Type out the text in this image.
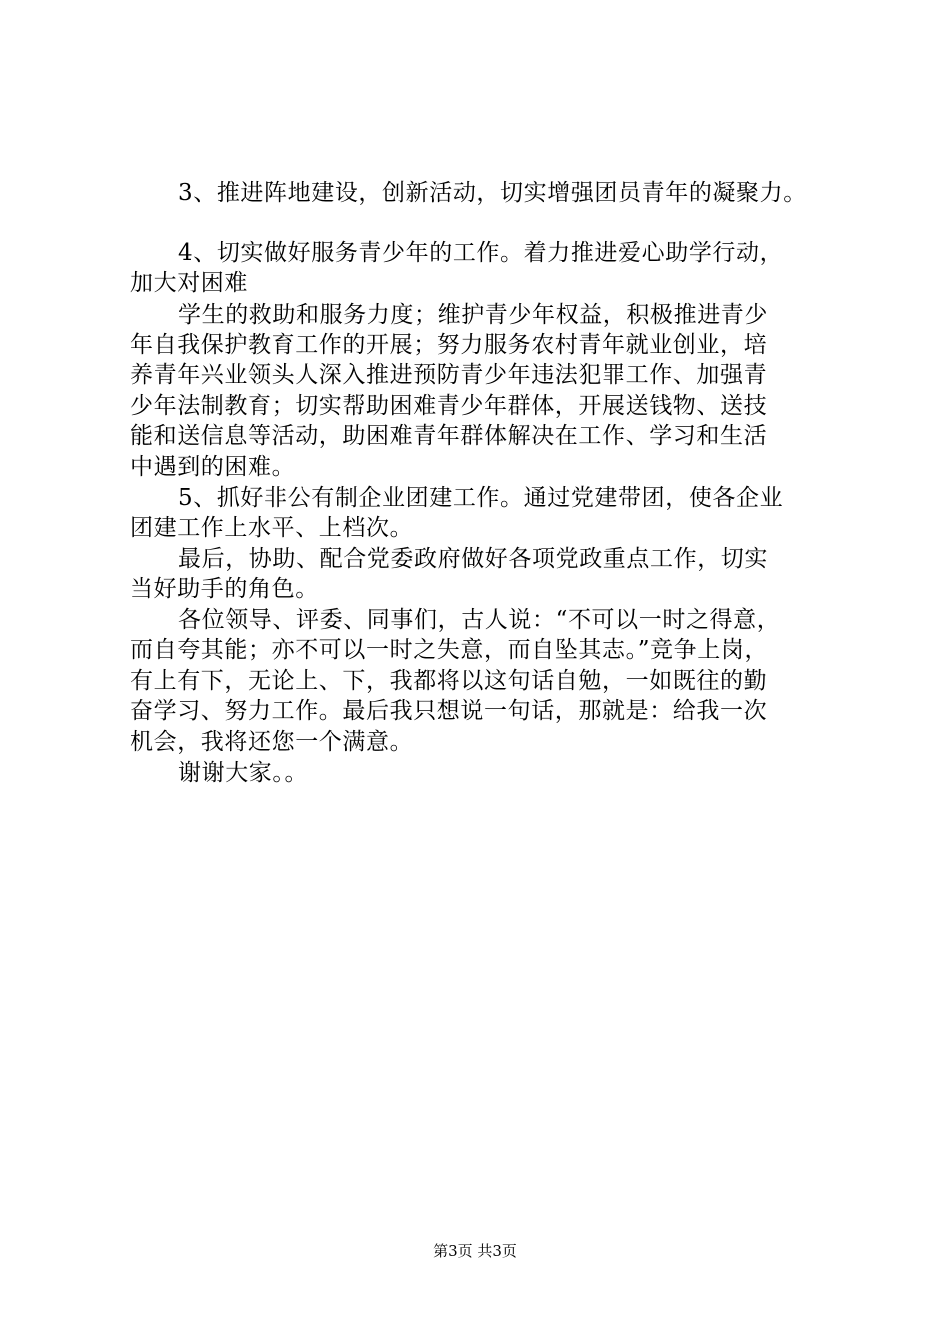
3、推进阵地建设，创新活动，切实增强团员青年的凝聚力。
4、切实做好服务青少年的工作。着力推进爱心助学行动，
加大对困难
学生的救助和服务力度；维护青少年权益，积极推进青少
年自我保护教育工作的开展；努力服务农村青年就业创业，培
养青年兴业领头人深入推进预防青少年违法犯罪工作、加强青
少年法制教育；切实帮助困难青少年群体，开展送钱物、送技
能和送信息等活动，助困难青年群体解决在工作、学习和生活
中遇到的困难。
5、抓好非公有制企业团建工作。通过党建带团，使各企业
团建工作上水平、上档次。
最后，协助、配合党委政府做好各项党政重点工作，切实
当好助手的角色。
各位领导、评委、同事们，古人说：“不可以一时之得意，
而自夸其能；亦不可以一时之失意，而自坠其志。”竞争上岗，
有上有下，无论上、下，我都将以这句话自勉，一如既往的勤
奋学习、努力工作。最后我只想说一句话，那就是：给我一次
机会，我将还您一个满意。
谢谢大家。。
第3页 共3页
